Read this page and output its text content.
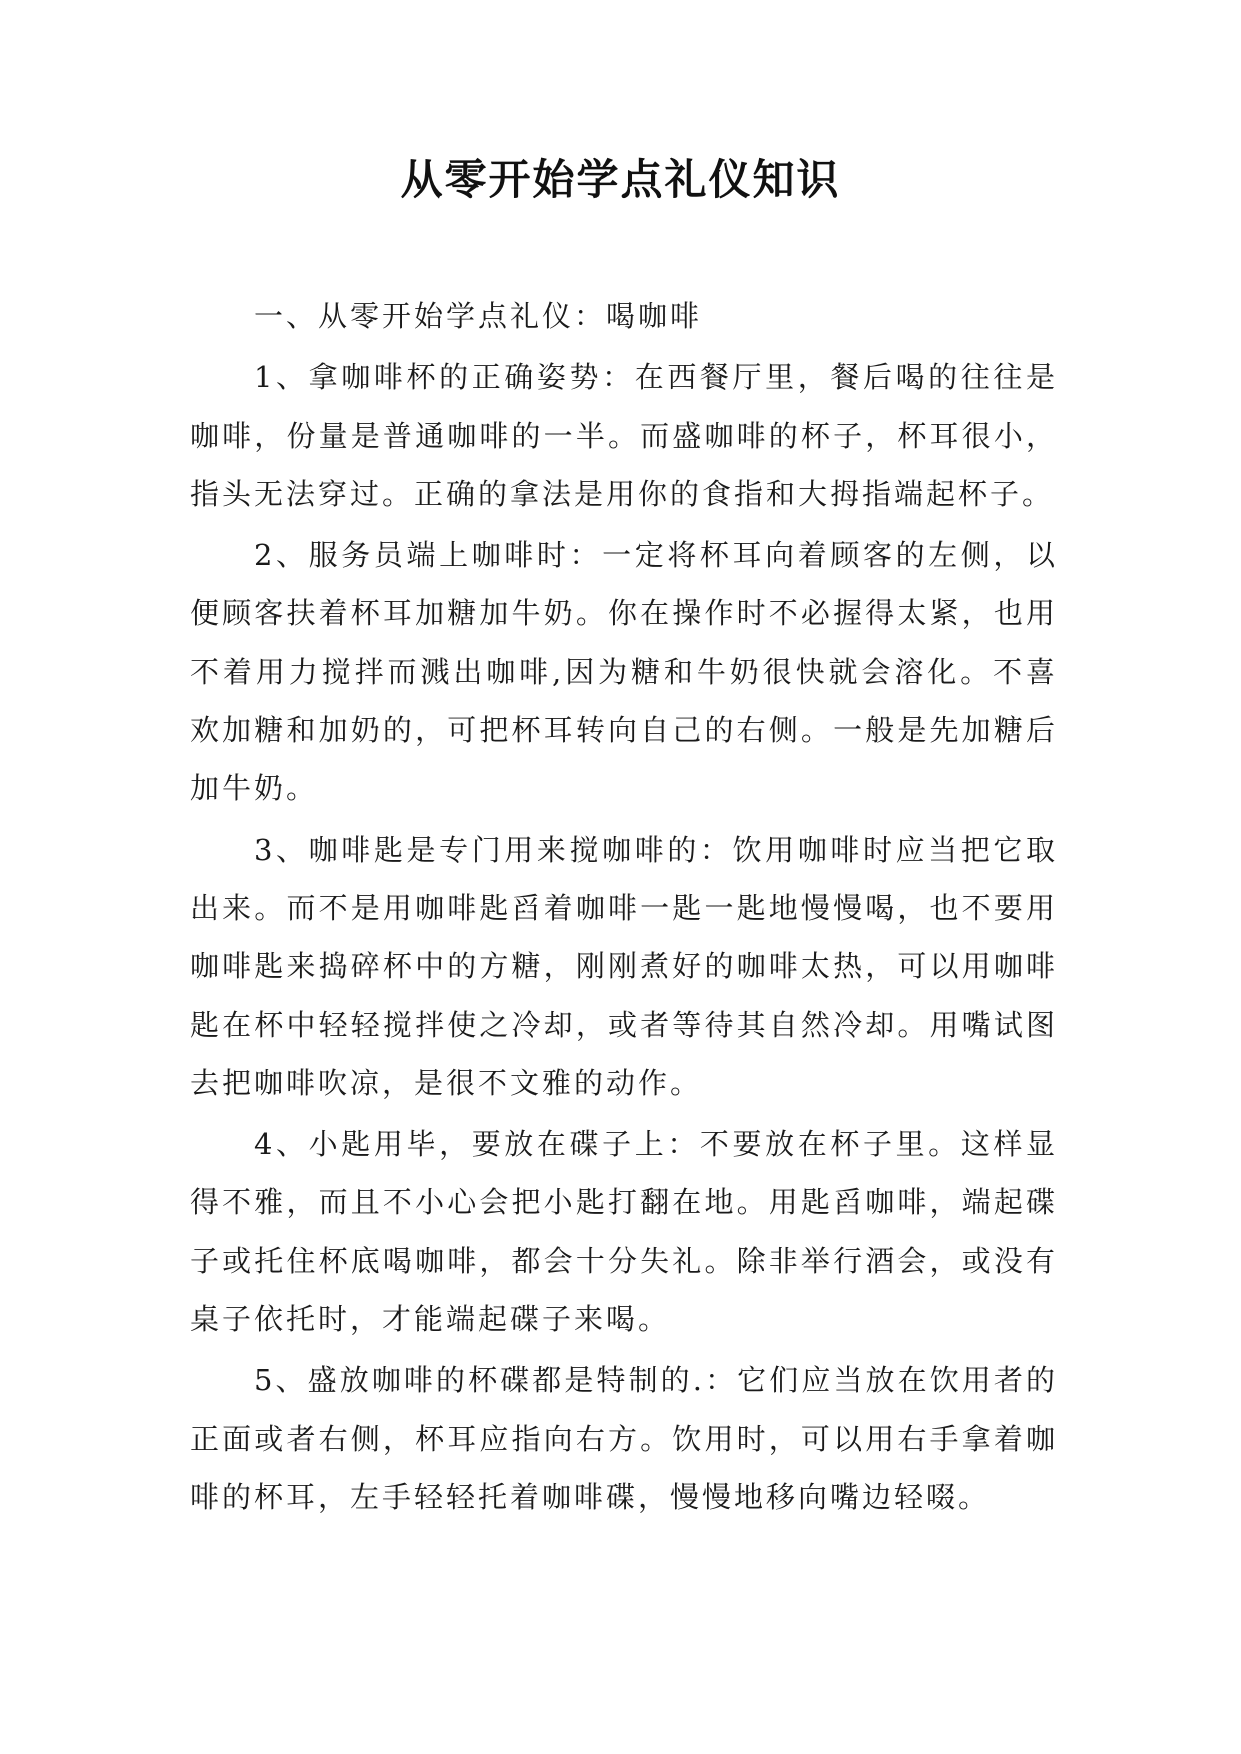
从零开始学点礼仪知识

一、从零开始学点礼仪：喝咖啡

1、拿咖啡杯的正确姿势：在西餐厅里，餐后喝的往往是咖啡，份量是普通咖啡的一半。而盛咖啡的杯子，杯耳很小，指头无法穿过。正确的拿法是用你的食指和大拇指端起杯子。

2、服务员端上咖啡时：一定将杯耳向着顾客的左侧，以便顾客扶着杯耳加糖加牛奶。你在操作时不必握得太紧，也用不着用力搅拌而溅出咖啡,因为糖和牛奶很快就会溶化。不喜欢加糖和加奶的，可把杯耳转向自己的右侧。一般是先加糖后加牛奶。

3、咖啡匙是专门用来搅咖啡的：饮用咖啡时应当把它取出来。而不是用咖啡匙舀着咖啡一匙一匙地慢慢喝，也不要用咖啡匙来捣碎杯中的方糖，刚刚煮好的咖啡太热，可以用咖啡匙在杯中轻轻搅拌使之冷却，或者等待其自然冷却。用嘴试图去把咖啡吹凉，是很不文雅的动作。

4、小匙用毕，要放在碟子上：不要放在杯子里。这样显得不雅，而且不小心会把小匙打翻在地。用匙舀咖啡，端起碟子或托住杯底喝咖啡，都会十分失礼。除非举行酒会，或没有桌子依托时，才能端起碟子来喝。

5、盛放咖啡的杯碟都是特制的.：它们应当放在饮用者的正面或者右侧，杯耳应指向右方。饮用时，可以用右手拿着咖啡的杯耳，左手轻轻托着咖啡碟，慢慢地移向嘴边轻啜。
